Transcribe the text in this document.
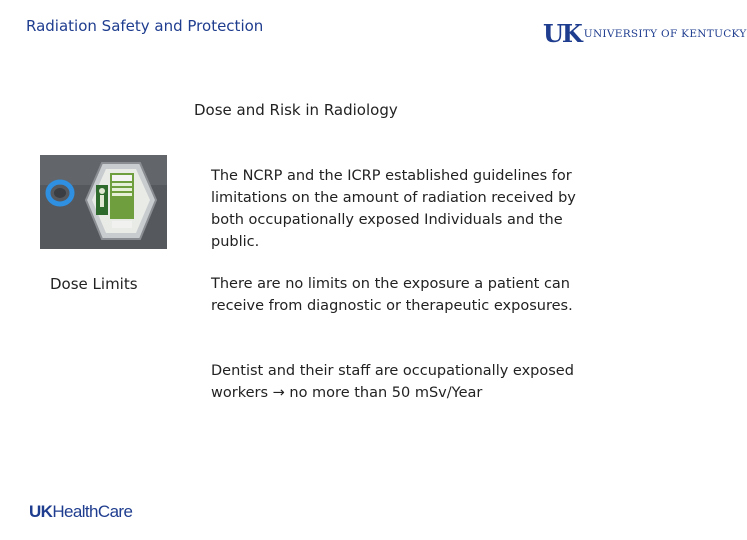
Radiation Safety and Protection	UK UNIVERSITY OF KENTUCKY
Dose and Risk in Radiology
Dose Limits
The NCRP and the ICRP established guidelines for limitations on the amount of radiation received by both occupationally exposed Individuals and the public.
There are no limits on the exposure a patient can receive from diagnostic or therapeutic exposures.
Dentist and their staff are occupationally exposed workers → no more than 50 mSv/Year
UKHealthCare
